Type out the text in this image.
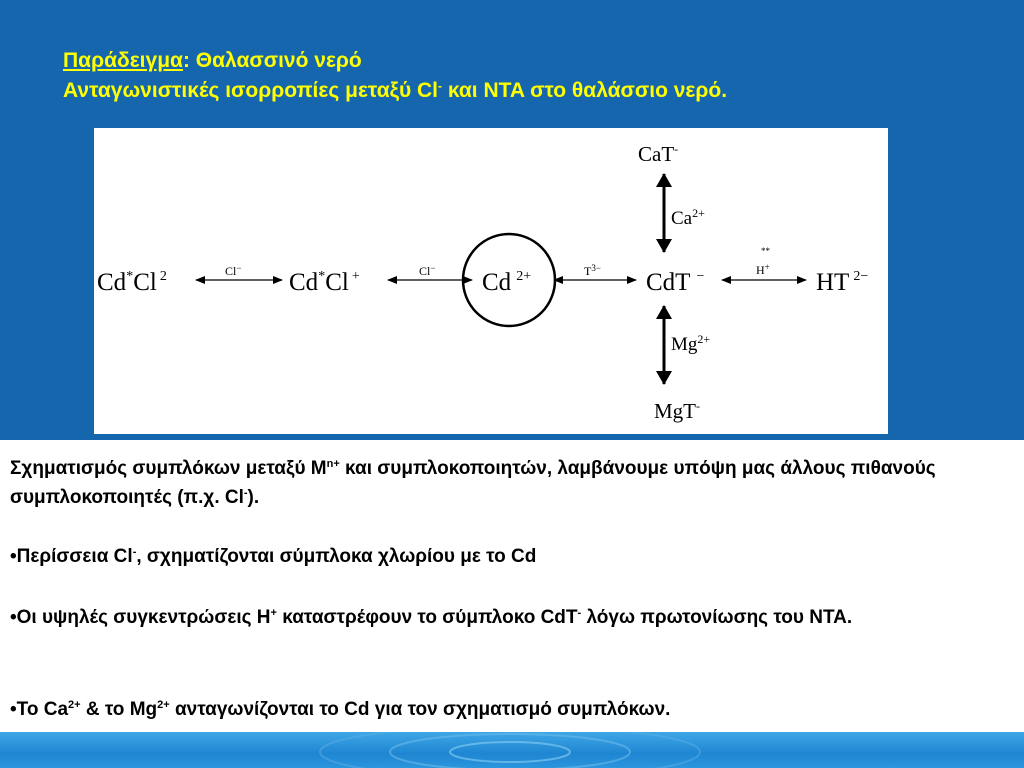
Παράδειγμα: Θαλασσινό νερό
Ανταγωνιστικές ισορροπίες μεταξύ Cl- και NTA στο θαλάσσιο νερό.
Cd*Cl $^2$	Cd*Cl +	Cd $^{2+}$	CdT −	HT $^{2-}$
CaT-
MgT-
Cl−	Cl−	$T^{3-}$
**
H+
$Ca^{2+}$
$Mg^{2+}$

Σχηματισμός συμπλόκων μεταξύ $M^{n+}$ και συμπλοκοποιητών, λαμβάνουμε υπόψη μας άλλους πιθανούς συμπλοκοποιητές (π.χ. Cl-).

•Περίσσεια Cl-, σχηματίζονται σύμπλοκα χλωρίου με το Cd

•Οι υψηλές συγκεντρώσεις H+ καταστρέφουν το σύμπλοκο CdT- λόγω πρωτονίωσης του NTA.

•Το $Ca^{2+}$ & το $Mg^{2+}$ ανταγωνίζονται το Cd για τον σχηματισμό συμπλόκων.
